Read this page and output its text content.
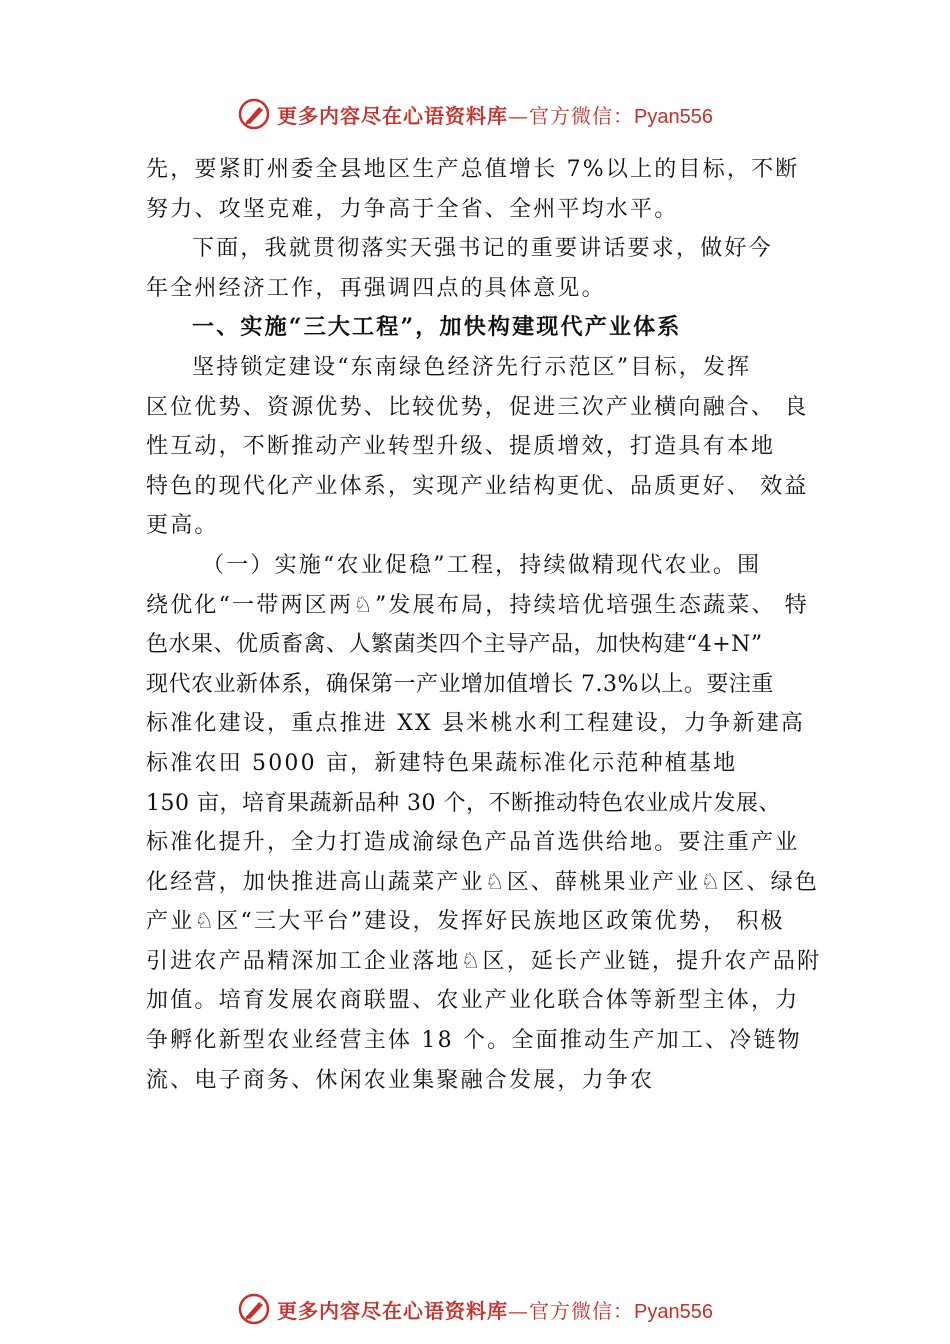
更多内容尽在心语资料库—官方微信：Pyan556
先，要紧盯州委全县地区生产总值增长 7%以上的目标，不断
努力、攻坚克难，力争高于全省、全州平均水平。
下面，我就贯彻落实天强书记的重要讲话要求，做好今
年全州经济工作，再强调四点的具体意见。
一、实施“三大工程”，加快构建现代产业体系
坚持锁定建设“东南绿色经济先行示范区”目标，发挥
区位优势、资源优势、比较优势，促进三次产业横向融合、 良
性互动，不断推动产业转型升级、提质增效，打造具有本地
特色的现代化产业体系，实现产业结构更优、品质更好、 效益
更高。
（一）实施“农业促稳”工程，持续做精现代农业。围
绕优化“一带两区两♘”发展布局，持续培优培强生态蔬菜、 特
色水果、优质畜禽、人繁菌类四个主导产品，加快构建“4+N”
现代农业新体系，确保第一产业增加值增长 7.3%以上。要注重
标准化建设，重点推进 XX 县米桃水利工程建设，力争新建高
标准农田 5000 亩，新建特色果蔬标准化示范种植基地
150 亩，培育果蔬新品种 30 个，不断推动特色农业成片发展、
标准化提升，全力打造成渝绿色产品首选供给地。要注重产业
化经营，加快推进高山蔬菜产业♘区、薛桃果业产业♘区、绿色
产业♘区“三大平台”建设，发挥好民族地区政策优势， 积极
引进农产品精深加工企业落地♘区，延长产业链，提升农产品附
加值。培育发展农商联盟、农业产业化联合体等新型主体，力
争孵化新型农业经营主体 18 个。全面推动生产加工、冷链物
流、电子商务、休闲农业集聚融合发展，力争农
更多内容尽在心语资料库—官方微信：Pyan556
